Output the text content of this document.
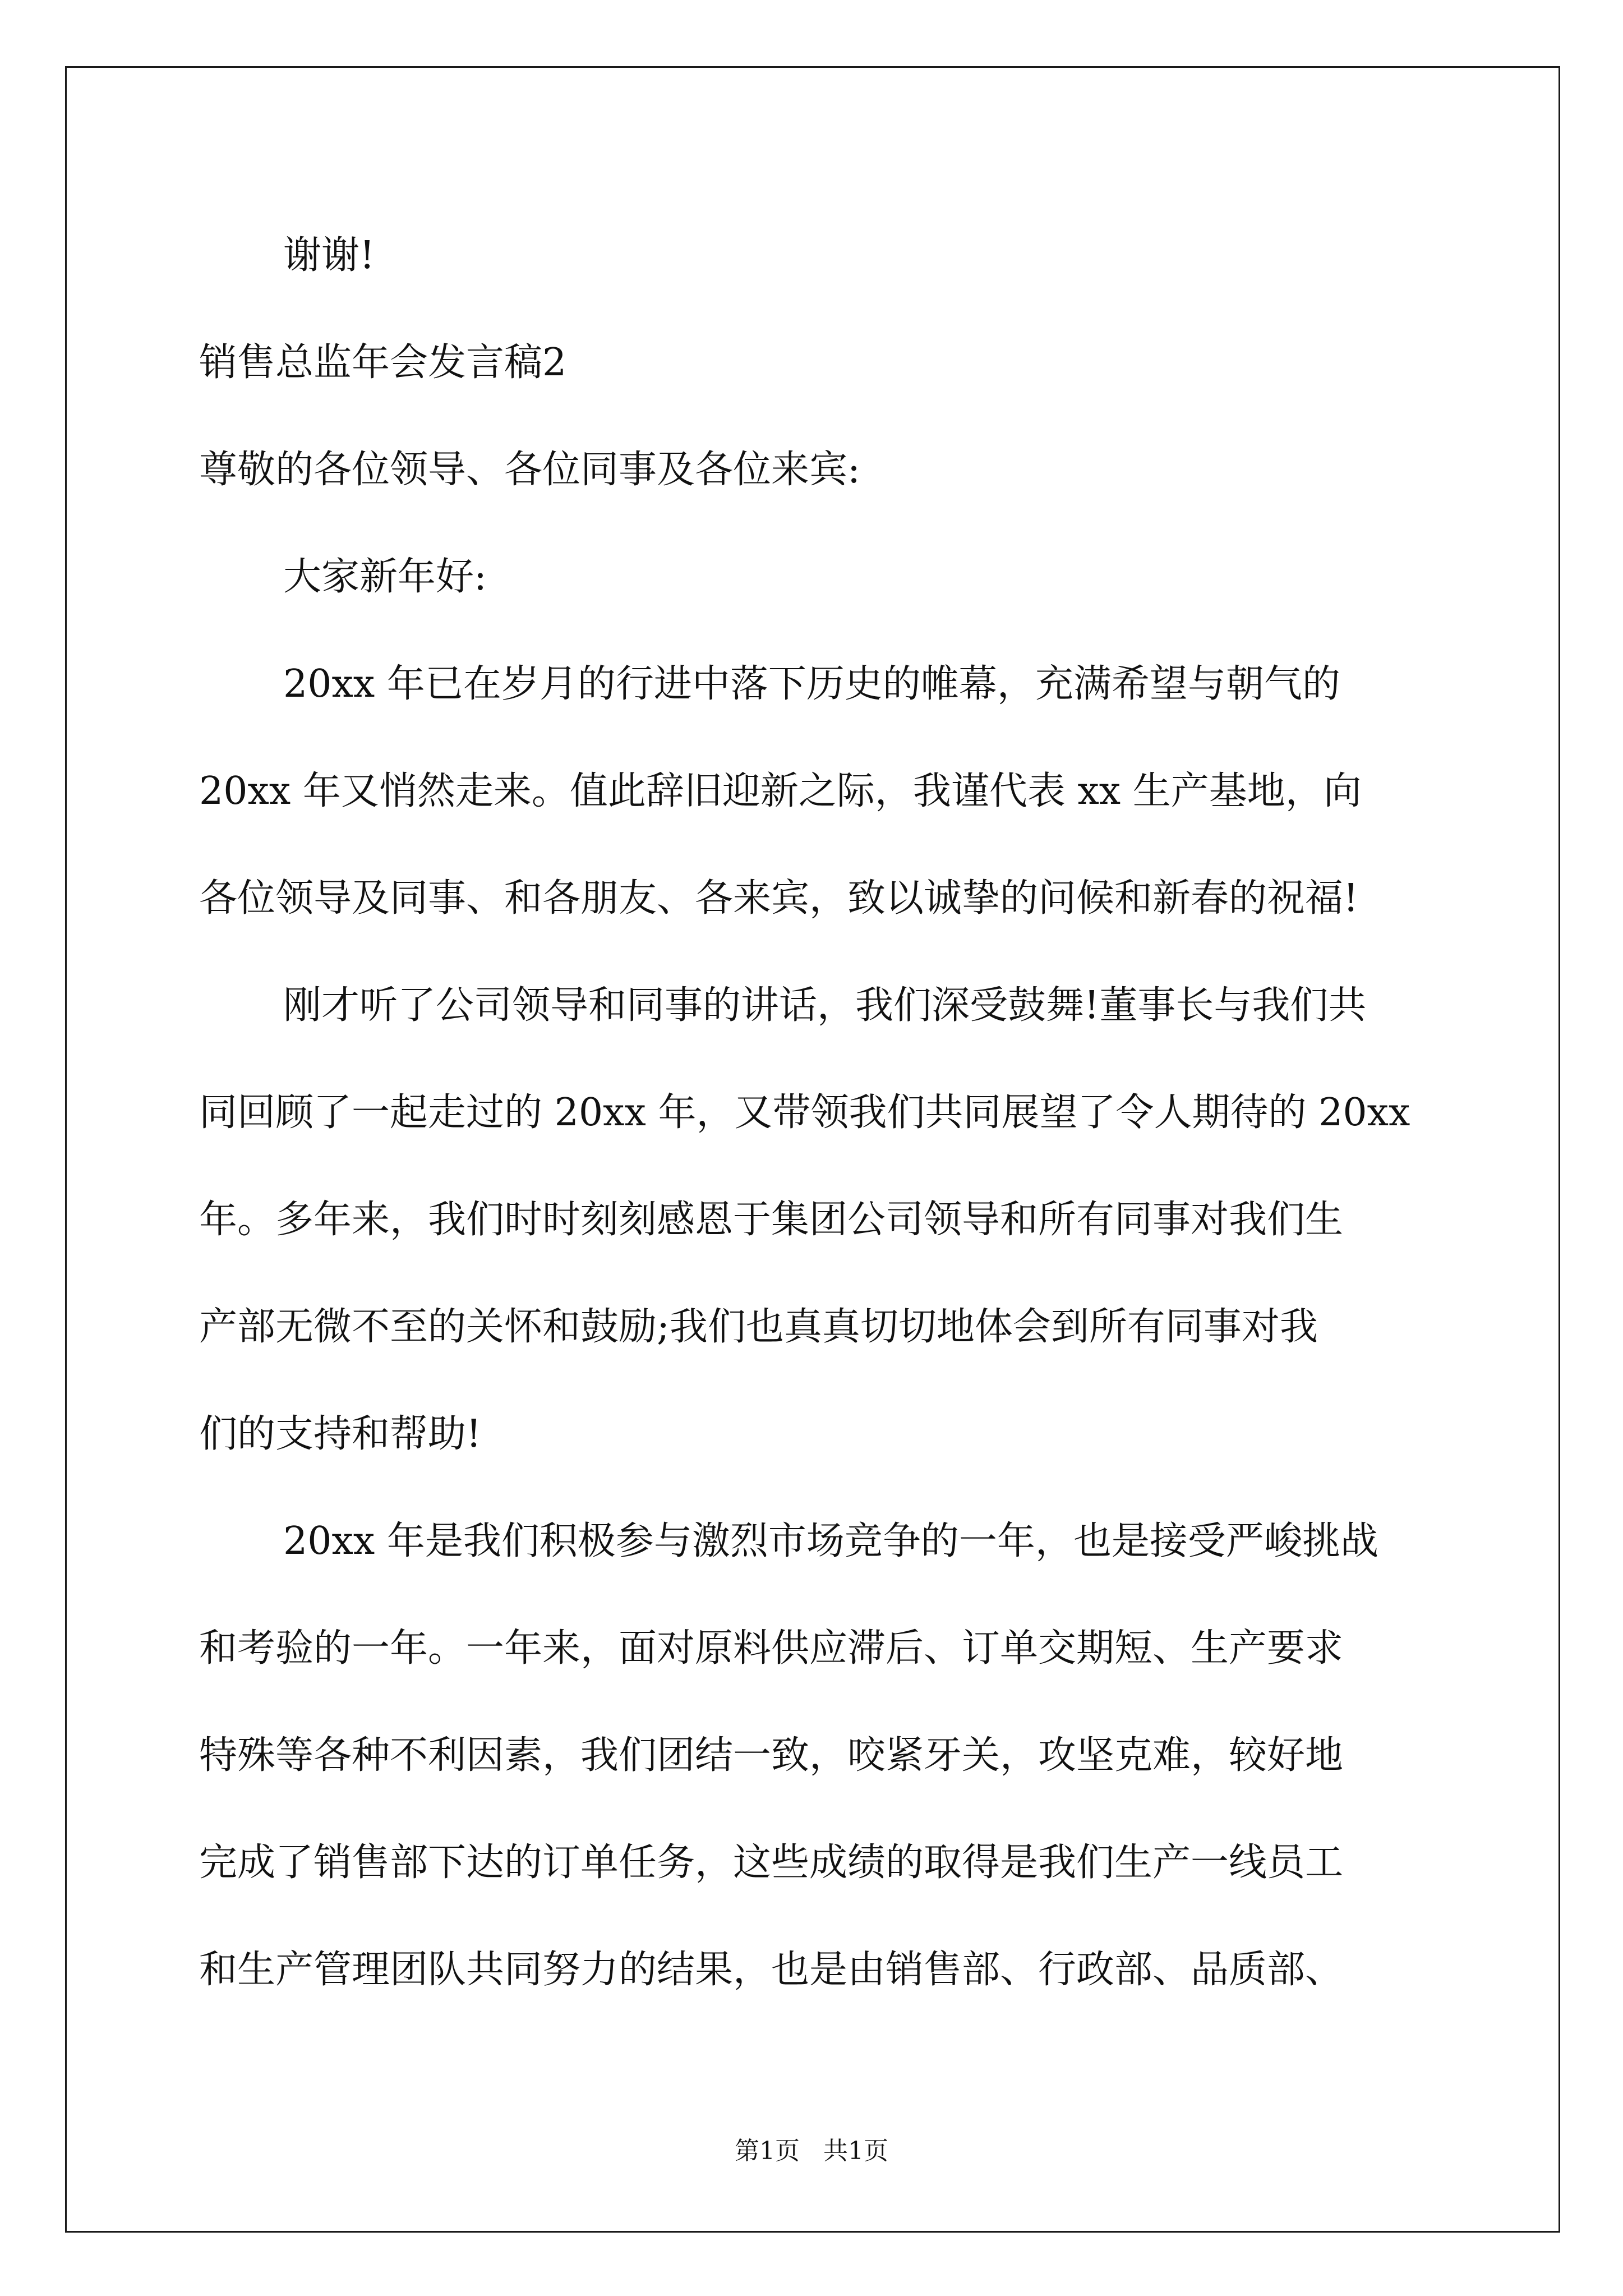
谢谢!
销售总监年会发言稿2
尊敬的各位领导、各位同事及各位来宾:
大家新年好:
20xx 年已在岁月的行进中落下历史的帷幕，充满希望与朝气的
20xx 年又悄然走来。值此辞旧迎新之际，我谨代表 xx 生产基地，向
各位领导及同事、和各朋友、各来宾，致以诚挚的问候和新春的祝福!
刚才听了公司领导和同事的讲话，我们深受鼓舞!董事长与我们共
同回顾了一起走过的 20xx 年，又带领我们共同展望了令人期待的 20xx
年。多年来，我们时时刻刻感恩于集团公司领导和所有同事对我们生
产部无微不至的关怀和鼓励;我们也真真切切地体会到所有同事对我
们的支持和帮助!
20xx 年是我们积极参与激烈市场竞争的一年，也是接受严峻挑战
和考验的一年。一年来，面对原料供应滞后、订单交期短、生产要求
特殊等各种不利因素，我们团结一致，咬紧牙关，攻坚克难，较好地
完成了销售部下达的订单任务，这些成绩的取得是我们生产一线员工
和生产管理团队共同努力的结果，也是由销售部、行政部、品质部、
第1页 共1页
